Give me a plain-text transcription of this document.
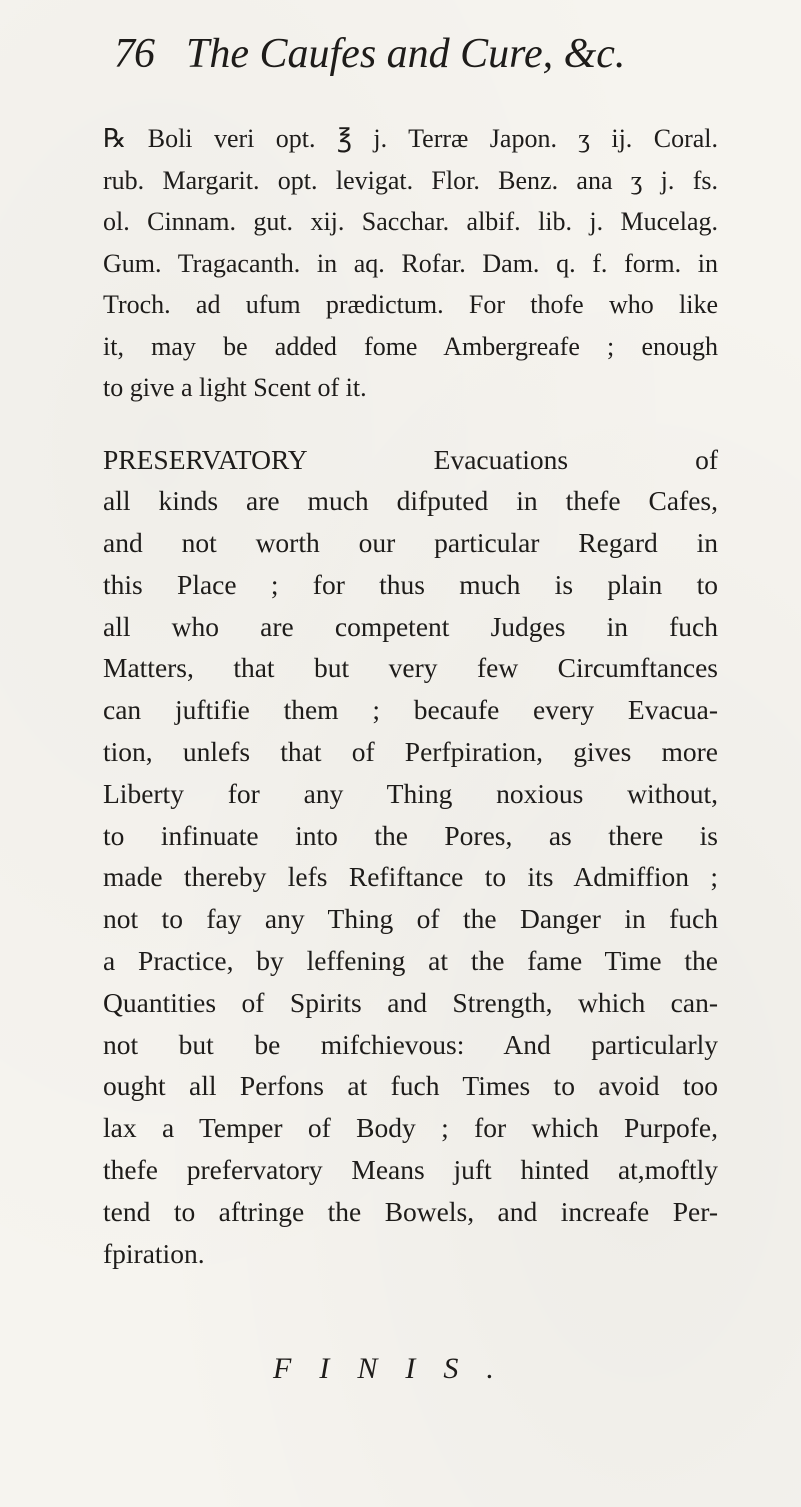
76 The Caufes and Cure, &c.
℞ Boli veri opt. ℥ j. Terræ Japon. ʒ ij. Coral.
rub. Margarit. opt. levigat. Flor. Benz. ana ʒ j. fs.
ol. Cinnam. gut. xij. Sacchar. albif. lib. j. Mucelag.
Gum. Tragacanth. in aq. Rofar. Dam. q. f. form. in
Troch. ad ufum prædictum. For thofe who like
it, may be added fome Ambergreafe ; enough
to give a light Scent of it.
PRESERVATORY Evacuations of
all kinds are much difputed in thefe Cafes,
and not worth our particular Regard in
this Place ; for thus much is plain to
all who are competent Judges in fuch
Matters, that but very few Circumftances
can juftifie them ; becaufe every Evacua-
tion, unlefs that of Perfpiration, gives more
Liberty for any Thing noxious without,
to infinuate into the Pores, as there is
made thereby lefs Refiftance to its Admiffion ;
not to fay any Thing of the Danger in fuch
a Practice, by leffening at the fame Time the
Quantities of Spirits and Strength, which can-
not but be mifchievous: And particularly
ought all Perfons at fuch Times to avoid too
lax a Temper of Body ; for which Purpofe,
thefe prefervatory Means juft hinted at,moftly
tend to aftringe the Bowels, and increafe Per-
fpiration.
FINIS.
